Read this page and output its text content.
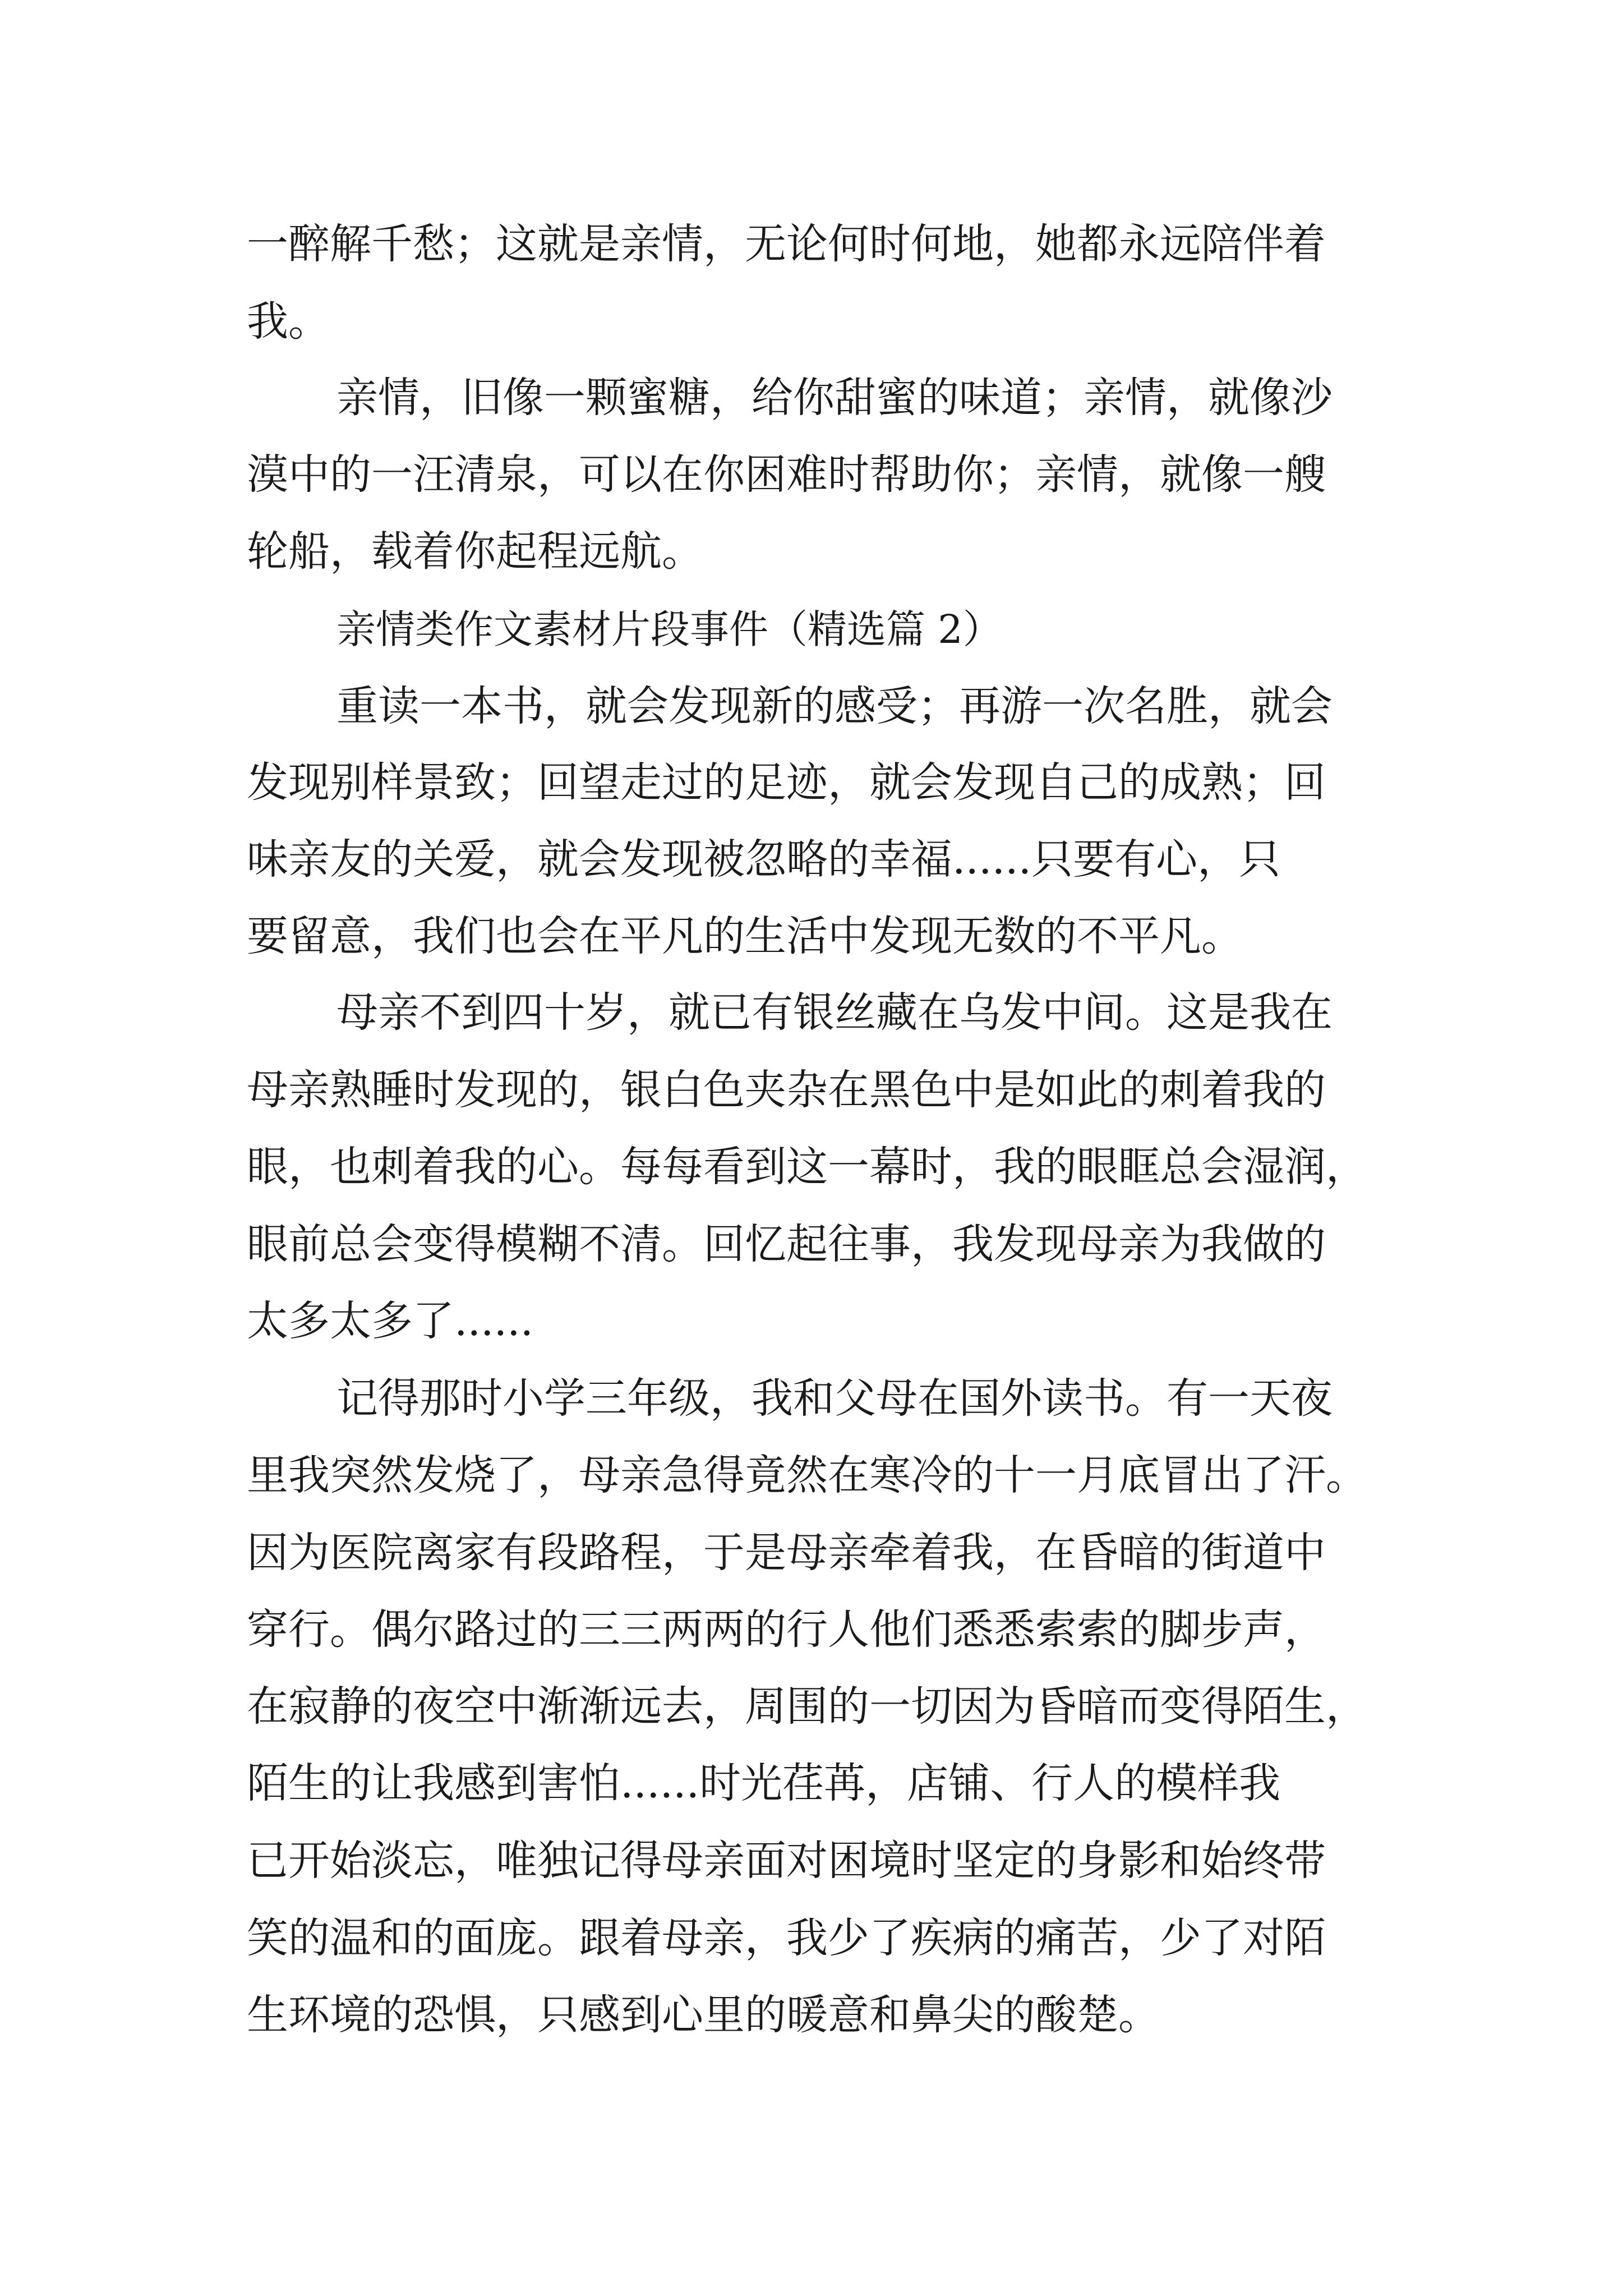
一醉解千愁；这就是亲情，无论何时何地，她都永远陪伴着
我。
亲情，旧像一颗蜜糖，给你甜蜜的味道；亲情，就像沙
漠中的一汪清泉，可以在你困难时帮助你；亲情，就像一艘
轮船，载着你起程远航。
亲情类作文素材片段事件（精选篇 2）
重读一本书，就会发现新的感受；再游一次名胜，就会
发现别样景致；回望走过的足迹，就会发现自己的成熟；回
味亲友的关爱，就会发现被忽略的幸福......只要有心，只
要留意，我们也会在平凡的生活中发现无数的不平凡。
母亲不到四十岁，就已有银丝藏在乌发中间。这是我在
母亲熟睡时发现的，银白色夹杂在黑色中是如此的刺着我的
眼，也刺着我的心。每每看到这一幕时，我的眼眶总会湿润，
眼前总会变得模糊不清。回忆起往事，我发现母亲为我做的
太多太多了......
记得那时小学三年级，我和父母在国外读书。有一天夜
里我突然发烧了，母亲急得竟然在寒冷的十一月底冒出了汗。
因为医院离家有段路程，于是母亲牵着我，在昏暗的街道中
穿行。偶尔路过的三三两两的行人他们悉悉索索的脚步声，
在寂静的夜空中渐渐远去，周围的一切因为昏暗而变得陌生，
陌生的让我感到害怕......时光荏苒，店铺、行人的模样我
已开始淡忘，唯独记得母亲面对困境时坚定的身影和始终带
笑的温和的面庞。跟着母亲，我少了疾病的痛苦，少了对陌
生环境的恐惧，只感到心里的暖意和鼻尖的酸楚。
